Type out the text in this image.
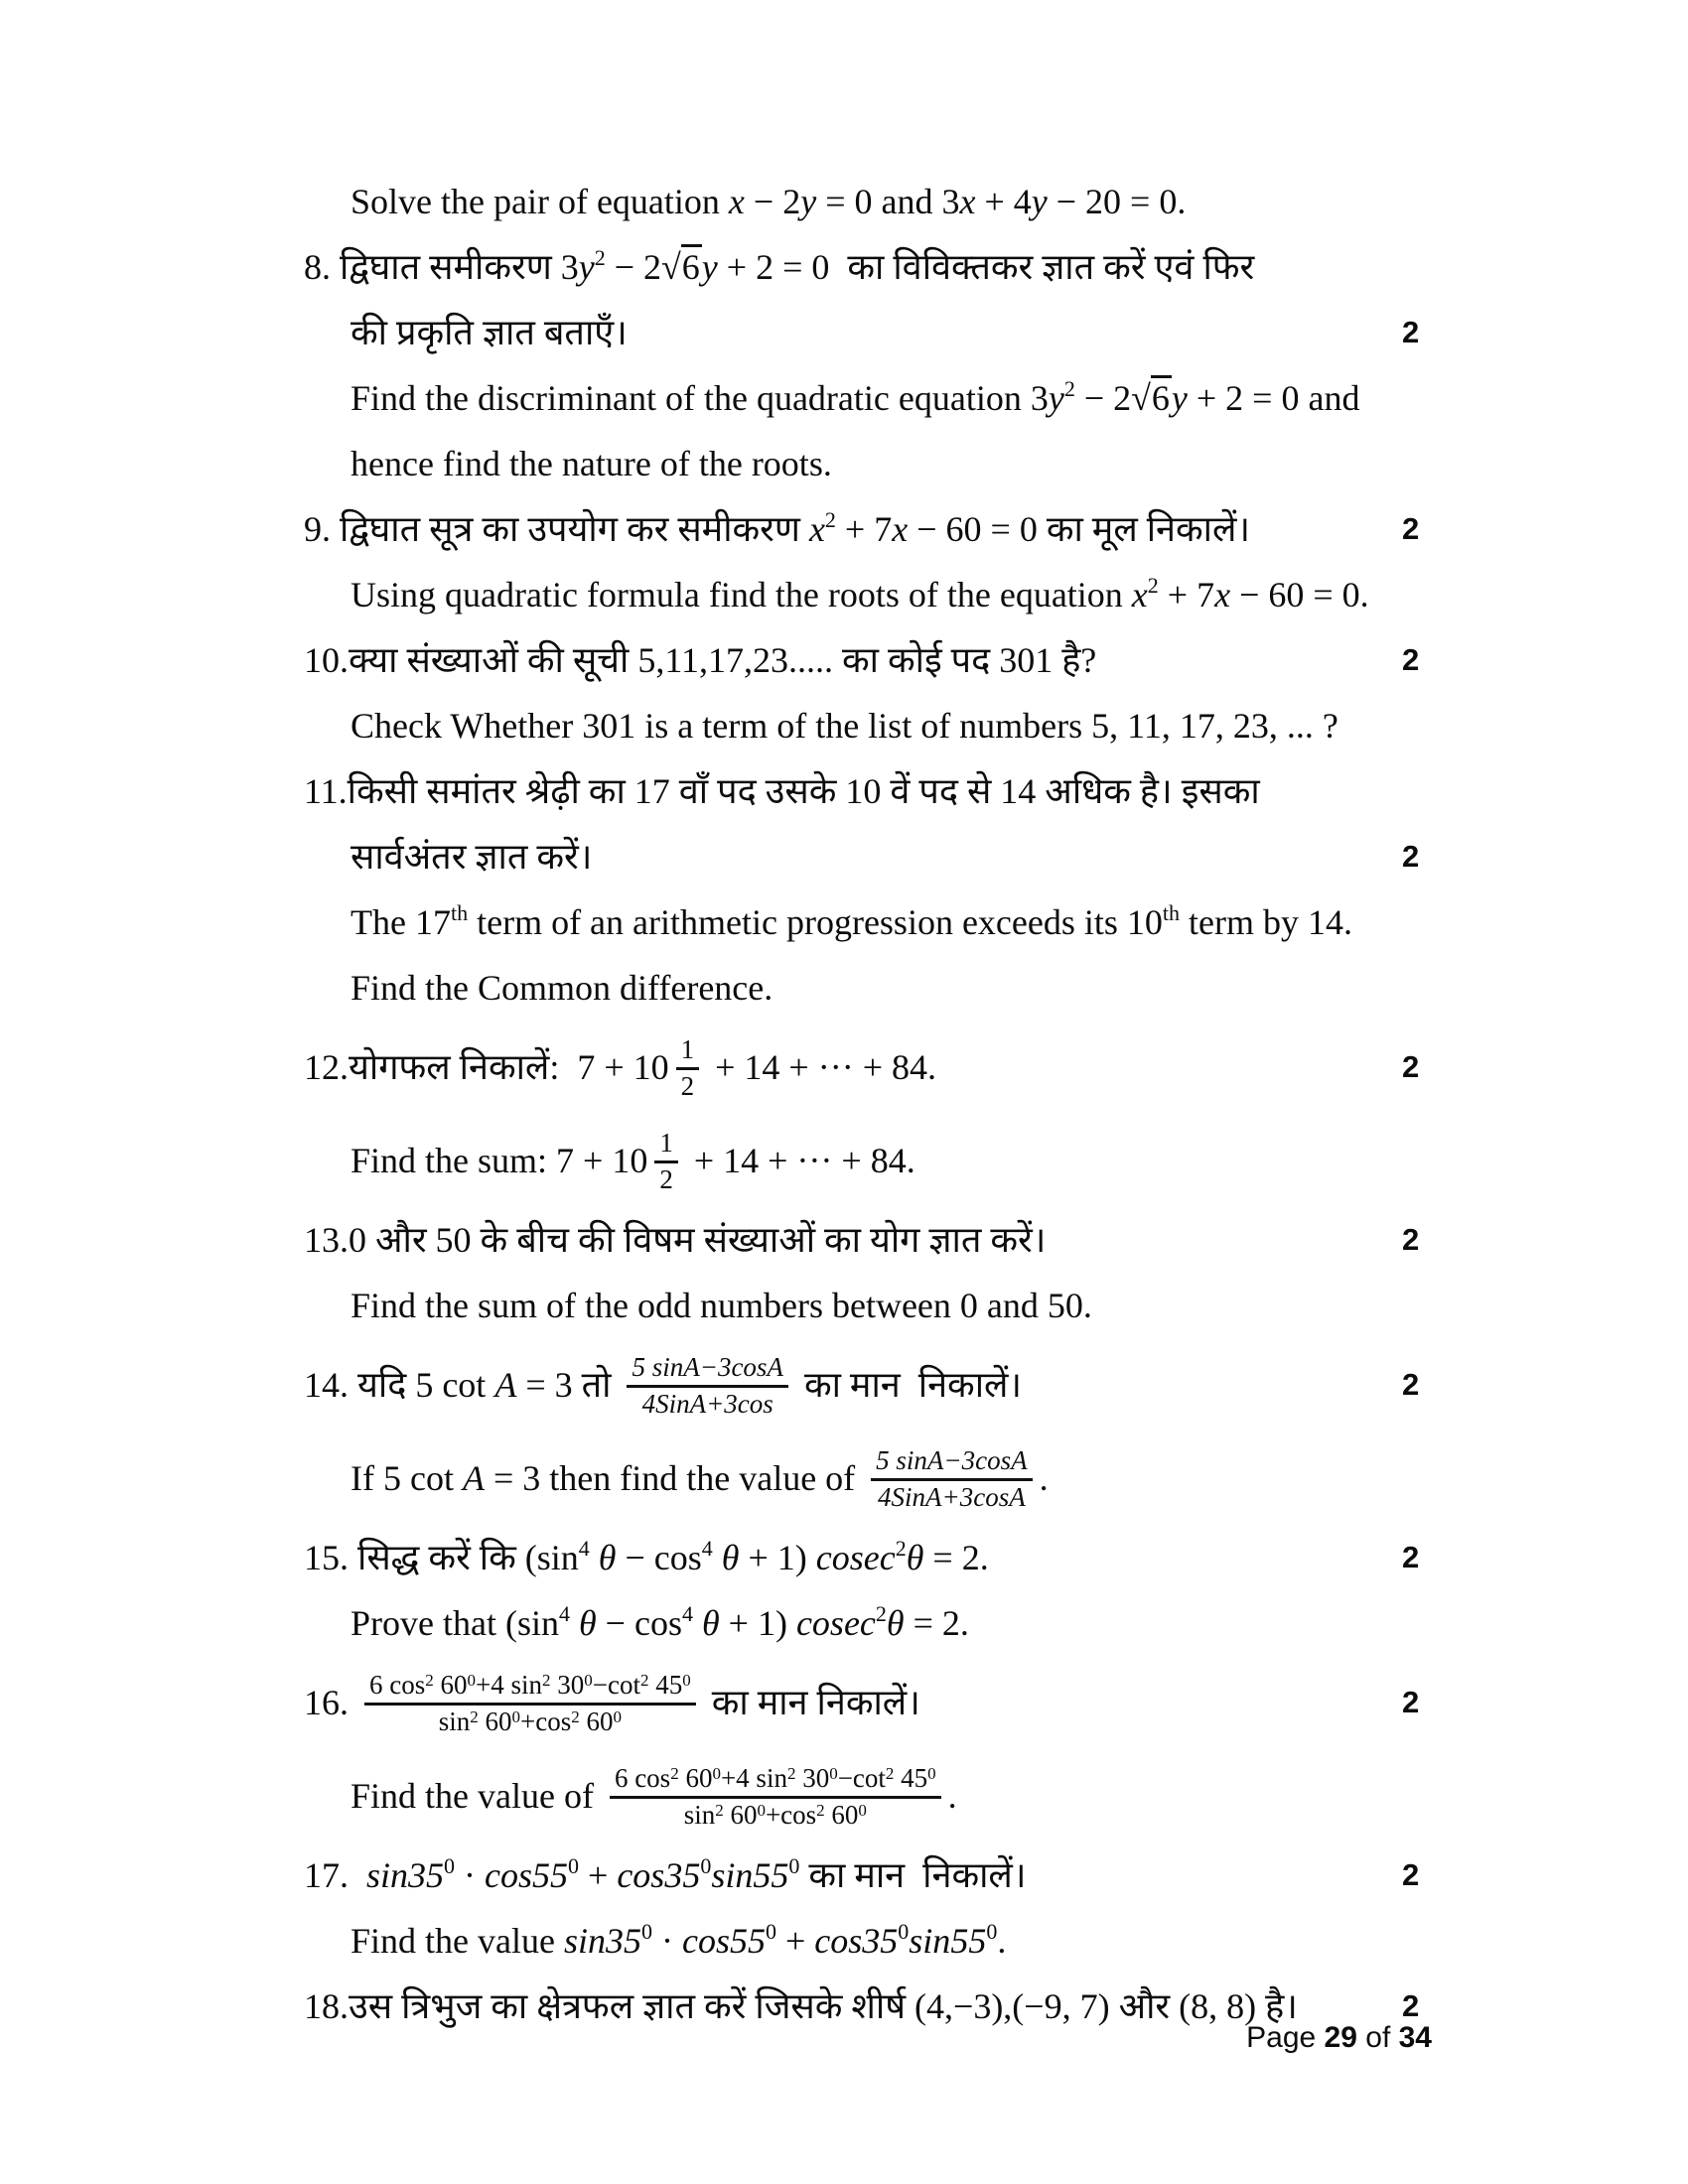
Solve the pair of equation x − 2y = 0 and 3x + 4y − 20 = 0.
8. द्विघात समीकरण $3y^2 - 2√6y + 2 = 0$  का विविक्तकर ज्ञात करें एवं फिर
की प्रकृति ज्ञात बताएँ।	2
Find the discriminant of the quadratic equation $3y^2 - 2√6y + 2 = 0$ and
hence find the nature of the roots.
9. द्विघात सूत्र का उपयोग कर समीकरण $x^2 + 7x - 60 = 0$ का मूल निकालें।	2
Using quadratic formula find the roots of the equation $x^2 + 7x - 60 = 0$.
10.क्या संख्याओं की सूची 5,11,17,23..... का कोई पद 301 है?	2
Check Whether 301 is a term of the list of numbers 5, 11, 17, 23, ... ?
11.किसी समांतर श्रेढ़ी का 17 वाँ पद उसके 10 वें पद से 14 अधिक है। इसका
सार्वअंतर ज्ञात करें।	2
The 17th term of an arithmetic progression exceeds its 10th term by 14.
Find the Common difference.
12.योगफल निकालें:  $7 + 10 \frac{1}{2} + 14$ + ··· + 84.	2
Find the sum: $7 + 10 \frac{1}{2} + 14$ + ··· + 84.
13.0 और 50 के बीच की विषम संख्याओं का योग ज्ञात करें।	2
Find the sum of the odd numbers between 0 and 50.
14. यदि 5 cot A = 3 तो $\frac{5 \sin A-3\cos A}{\text{4SinA+3cos}}$ का मान  निकालें।	2
If 5 cot A = 3 then find the value of $\frac{5 \sin A-3\cos A}{\text{4SinA+3cosA}}$ .
15. सिद्ध करें कि ($\sin^4$ $\theta - \cos^4 \theta + 1$) cosec$^2$θ = 2.	2
Prove that ($\sin^4$ $\theta - \cos^4 \theta + 1$) cosec$^2$θ = 2.
16. $\frac{6 \cos^2 60^0+4 \sin^2 30^0-\cot^2 45^0}{\sin^2 60^0+\cos^2 60^0}$ का मान निकालें।	2
Find the value of $\frac{6 \cos^2 60^0+4 \sin^2 30^0-\cot^2 45^0}{\sin^2 60^0+\cos^2 60^0}$ .
17.  $\sin 35^0 \cdot \cos 55^0 + \cos 35^0\sin 55^0$ का मान  निकालें।	2
Find the value $\sin 35^0 \cdot \cos 55^0 + \cos 35^0\sin 55^0$.
18.उस त्रिभुज का क्षेत्रफल ज्ञात करें जिसके शीर्ष (4,−3),(−9, 7) और (8, 8) है।	2
Page 29 of 34
